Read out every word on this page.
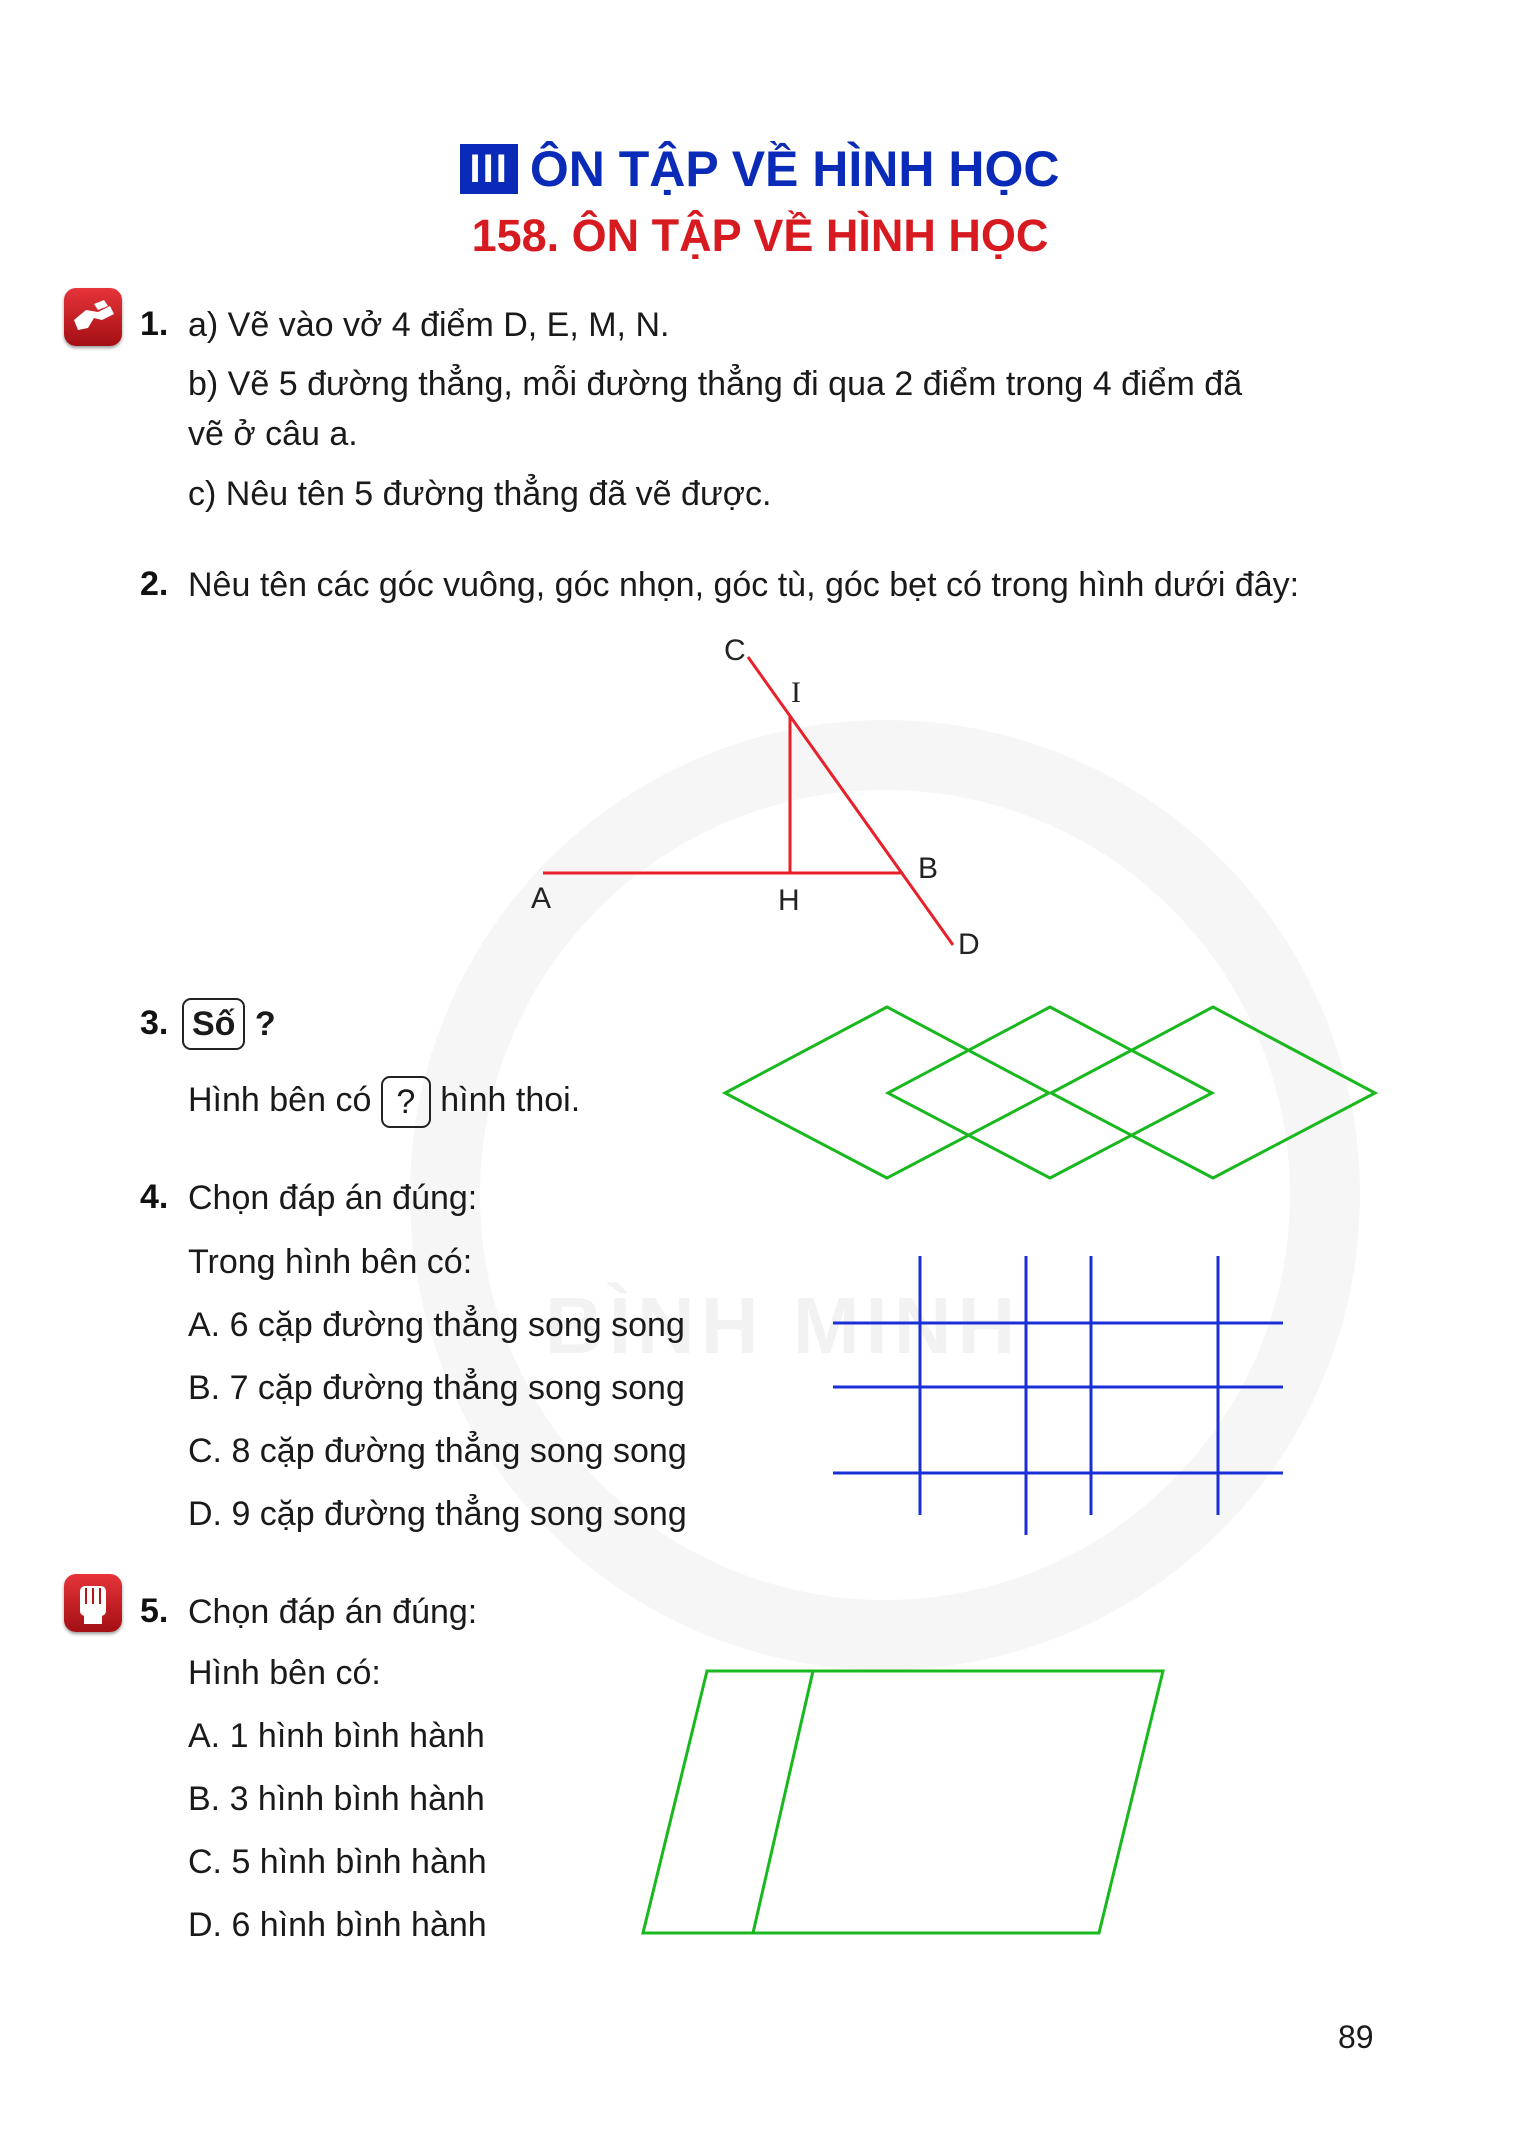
BÌNH MINH
III ÔN TẬP VỀ HÌNH HỌC
158. ÔN TẬP VỀ HÌNH HỌC
1. a) Vẽ vào vở 4 điểm D, E, M, N.
b) Vẽ 5 đường thẳng, mỗi đường thẳng đi qua 2 điểm trong 4 điểm đã
vẽ ở câu a.
c) Nêu tên 5 đường thẳng đã vẽ được.
2. Nêu tên các góc vuông, góc nhọn, góc tù, góc bẹt có trong hình dưới đây:
C
I
A	H
B
D
3. Số ?
Hình bên có ? hình thoi.
4. Chọn đáp án đúng:
Trong hình bên có:
A. 6 cặp đường thẳng song song
B. 7 cặp đường thẳng song song
C. 8 cặp đường thẳng song song
D. 9 cặp đường thẳng song song
5. Chọn đáp án đúng:
Hình bên có:
A. 1 hình bình hành
B. 3 hình bình hành
C. 5 hình bình hành
D. 6 hình bình hành
89
